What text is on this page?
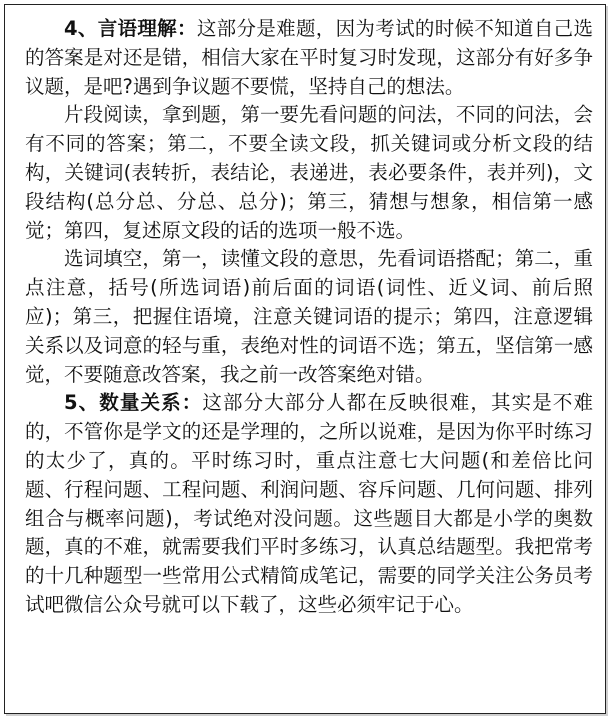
4、言语理解：这部分是难题，因为考试的时候不知道自己选的答案是对还是错，相信大家在平时复习时发现，这部分有好多争议题，是吧?遇到争议题不要慌，坚持自己的想法。

片段阅读，拿到题，第一要先看问题的问法，不同的问法，会有不同的答案；第二，不要全读文段，抓关键词或分析文段的结构，关键词(表转折，表结论，表递进，表必要条件，表并列)，文段结构(总分总、分总、总分)；第三，猜想与想象，相信第一感觉；第四，复述原文段的话的选项一般不选。

选词填空，第一，读懂文段的意思，先看词语搭配；第二，重点注意，括号(所选词语)前后面的词语(词性、近义词、前后照应)；第三，把握住语境，注意关键词语的提示；第四，注意逻辑关系以及词意的轻与重，表绝对性的词语不选；第五，坚信第一感觉，不要随意改答案，我之前一改答案绝对错。

5、数量关系：这部分大部分人都在反映很难，其实是不难的，不管你是学文的还是学理的，之所以说难，是因为你平时练习的太少了，真的。平时练习时，重点注意七大问题(和差倍比问题、行程问题、工程问题、利润问题、容斥问题、几何问题、排列组合与概率问题)，考试绝对没问题。这些题目大都是小学的奥数题，真的不难，就需要我们平时多练习，认真总结题型。我把常考的十几种题型一些常用公式精简成笔记，需要的同学关注公务员考试吧微信公众号就可以下载了，这些必须牢记于心。
